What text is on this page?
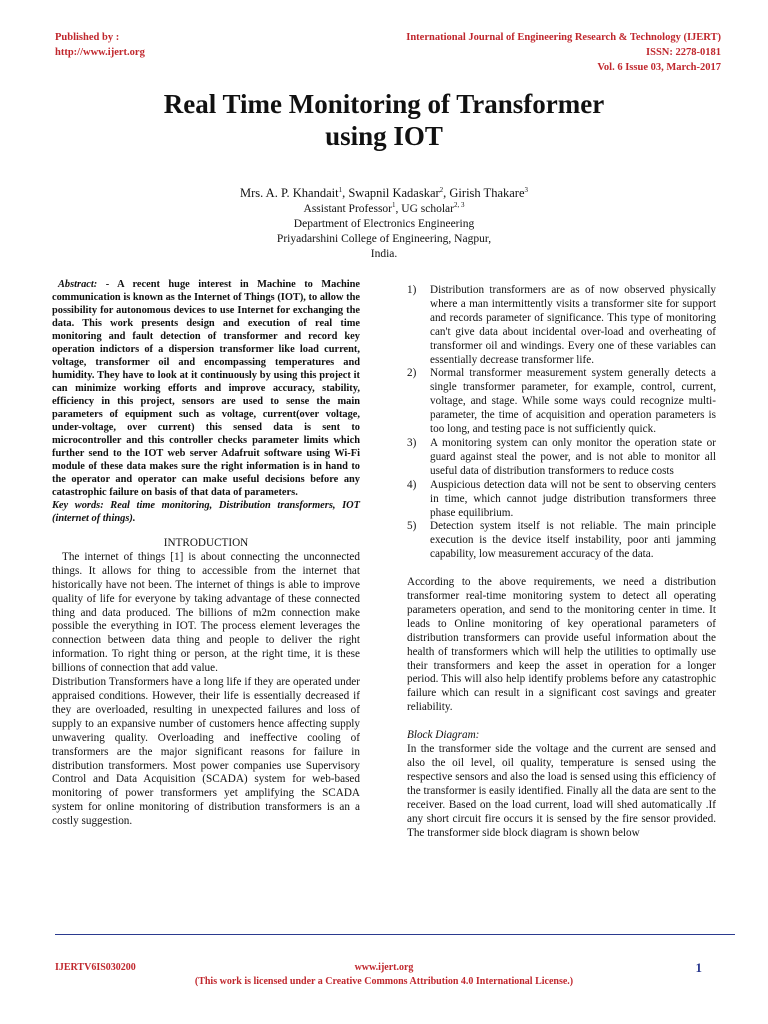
Published by :
http://www.ijert.org
International Journal of Engineering Research & Technology (IJERT)
ISSN: 2278-0181
Vol. 6 Issue 03, March-2017
Real Time Monitoring of Transformer
using IOT
Mrs. A. P. Khandait$^1$, Swapnil Kadaskar$^2$, Girish Thakare$^3$
Assistant Professor$^1$, UG scholar$^{2, 3}$
Department of Electronics Engineering
Priyadarshini College of Engineering, Nagpur,
India.

Abstract: - A recent huge interest in Machine to Machine communication is known as the Internet of Things (IOT), to allow the possibility for autonomous devices to use Internet for exchanging the data. This work presents design and execution of real time monitoring and fault detection of transformer and record key operation indictors of a dispersion transformer like load current, voltage, transformer oil and encompassing temperatures and humidity. They have to look at it continuously by using this project it can minimize working efforts and improve accuracy, stability, efficiency in this project, sensors are used to sense the main parameters of equipment such as voltage, current(over voltage, under-voltage, over current) this sensed data is sent to microcontroller and this controller checks parameter limits which further send to the IOT web server Adafruit software using Wi-Fi module of these data makes sure the right information is in hand to the operator and operator can make useful decisions before any catastrophic failure on basis of that data of parameters.

Key words: Real time monitoring, Distribution transformers, IOT (internet of things).

INTRODUCTION

The internet of things [1] is about connecting the unconnected things. It allows for thing to accessible from the internet that historically have not been. The internet of things is able to improve quality of life for everyone by taking advantage of these connected thing and data produced. The billions of m2m connection make possible the everything in IOT. The process element leverages the connection between data thing and people to deliver the right information. To right thing or person, at the right time, it is these billions of connection that add value.

Distribution Transformers have a long life if they are operated under appraised conditions. However, their life is essentially decreased if they are overloaded, resulting in unexpected failures and loss of supply to an expansive number of customers hence affecting supply unwavering quality. Overloading and ineffective cooling of transformers are the major significant reasons for failure in distribution transformers. Most power companies use Supervisory Control and Data Acquisition (SCADA) system for web-based monitoring of power transformers yet amplifying the SCADA system for online monitoring of distribution transformers is an a costly suggestion.

1) Distribution transformers are as of now observed physically where a man intermittently visits a transformer site for support and records parameter of significance. This type of monitoring can't give data about incidental over-load and overheating of transformer oil and windings. Every one of these variables can essentially decrease transformer life.
2) Normal transformer measurement system generally detects a single transformer parameter, for example, control, current, voltage, and stage. While some ways could recognize multi-parameter, the time of acquisition and operation parameters is too long, and testing pace is not sufficiently quick.
3) A monitoring system can only monitor the operation state or guard against steal the power, and is not able to monitor all useful data of distribution transformers to reduce costs
4) Auspicious detection data will not be sent to observing centers in time, which cannot judge distribution transformers three phase equilibrium.
5) Detection system itself is not reliable. The main principle execution is the device itself instability, poor anti jamming capability, low measurement accuracy of the data.

According to the above requirements, we need a distribution transformer real-time monitoring system to detect all operating parameters operation, and send to the monitoring center in time. It leads to Online monitoring of key operational parameters of distribution transformers can provide useful information about the health of transformers which will help the utilities to optimally use their transformers and keep the asset in operation for a longer period. This will also help identify problems before any catastrophic failure which can result in a significant cost savings and greater reliability.

Block Diagram:

In the transformer side the voltage and the current are sensed and also the oil level, oil quality, temperature is sensed using the respective sensors and also the load is sensed using this efficiency of the transformer is easily identified. Finally all the data are sent to the receiver. Based on the load current, load will shed automatically .If any short circuit fire occurs it is sensed by the fire sensor provided. The transformer side block diagram is shown below

IJERTV6IS030200	www.ijert.org
(This work is licensed under a Creative Commons Attribution 4.0 International License.)
1
